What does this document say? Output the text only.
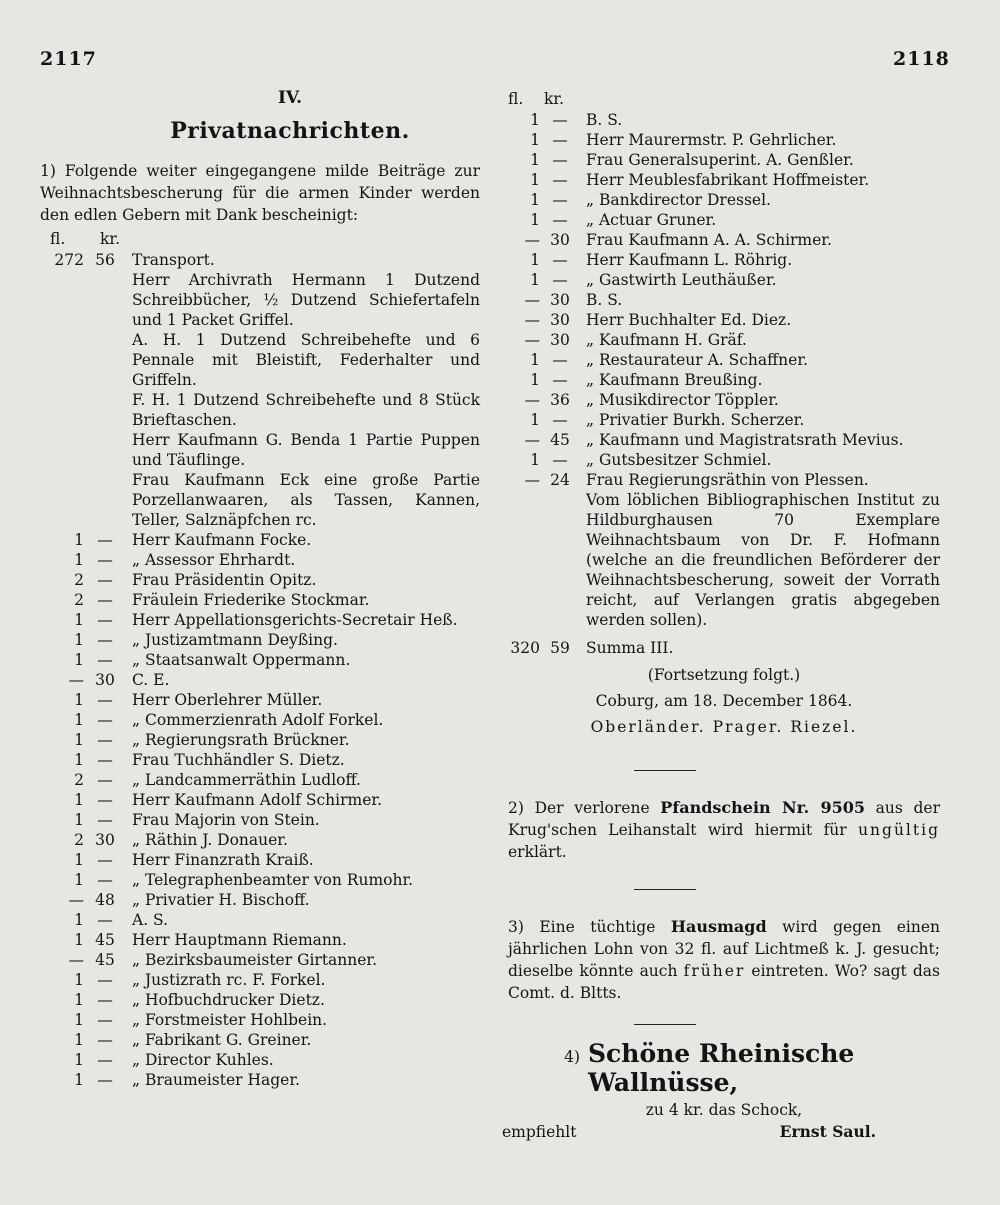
2117	2118
IV.
Privatnachrichten.
1) Folgende weiter eingegangene milde Beiträge zur Weihnachtsbescherung für die armen Kinder werden den edlen Gebern mit Dank bescheinigt:
fl.	kr.
272 56	Transport.
Herr Archivrath Hermann 1 Dutzend Schreibbücher, ½ Dutzend Schiefertafeln und 1 Packet Griffel.
A. H. 1 Dutzend Schreibehefte und 6 Pennale mit Bleistift, Federhalter und Griffeln.
F. H. 1 Dutzend Schreibehefte und 8 Stück Brieftaschen.
Herr Kaufmann G. Benda 1 Partie Puppen und Täuflinge.
Frau Kaufmann Eck eine große Partie Porzellanwaaren, als Tassen, Kannen, Teller, Salznäpfchen rc.
1 —	Herr Kaufmann Focke.
1 —	„ Assessor Ehrhardt.
2 —	Frau Präsidentin Opitz.
2 —	Fräulein Friederike Stockmar.
1 —	Herr Appellationsgerichts-Secretair Heß.
1 —	„ Justizamtmann Deyßing.
1 —	„ Staatsanwalt Oppermann.
— 30	C. E.
1 —	Herr Oberlehrer Müller.
1 —	„ Commerzienrath Adolf Forkel.
1 —	„ Regierungsrath Brückner.
1 —	Frau Tuchhändler S. Dietz.
2 —	„ Landcammerräthin Ludloff.
1 —	Herr Kaufmann Adolf Schirmer.
1 —	Frau Majorin von Stein.
2 30	„ Räthin J. Donauer.
1 —	Herr Finanzrath Kraiß.
1 —	„ Telegraphenbeamter von Rumohr.
— 48	„ Privatier H. Bischoff.
1 —	A. S.
1 45	Herr Hauptmann Riemann.
— 45	„ Bezirksbaumeister Girtanner.
1 —	„ Justizrath rc. F. Forkel.
1 —	„ Hofbuchdrucker Dietz.
1 —	„ Forstmeister Hohlbein.
1 —	„ Fabrikant G. Greiner.
1 —	„ Director Kuhles.
1 —	„ Braumeister Hager.
fl.	kr.
1 —	B. S.
1 —	Herr Maurermstr. P. Gehrlicher.
1 —	Frau Generalsuperint. A. Genßler.
1 —	Herr Meublesfabrikant Hoffmeister.
1 —	„ Bankdirector Dressel.
1 —	„ Actuar Gruner.
— 30	Frau Kaufmann A. A. Schirmer.
1 —	Herr Kaufmann L. Röhrig.
1 —	„ Gastwirth Leuthäußer.
— 30	B. S.
— 30	Herr Buchhalter Ed. Diez.
— 30	„ Kaufmann H. Gräf.
1 —	„ Restaurateur A. Schaffner.
1 —	„ Kaufmann Breußing.
— 36	„ Musikdirector Töppler.
1 —	„ Privatier Burkh. Scherzer.
— 45	„ Kaufmann und Magistratsrath Mevius.
1 —	„ Gutsbesitzer Schmiel.
— 24	Frau Regierungsräthin von Plessen.
Vom löblichen Bibliographischen Institut zu Hildburghausen 70 Exemplare Weihnachtsbaum von Dr. F. Hofmann (welche an die freundlichen Beförderer der Weihnachtsbescherung, soweit der Vorrath reicht, auf Verlangen gratis abgegeben werden sollen).
320 59	Summa III.
(Fortsetzung folgt.)
Coburg, am 18. December 1864.
Oberländer. Prager. Riezel.
2) Der verlorene Pfandschein Nr. 9505 aus der Krug'schen Leihanstalt wird hiermit für ungültig erklärt.
3) Eine tüchtige Hausmagd wird gegen einen jährlichen Lohn von 32 fl. auf Lichtmeß k. J. gesucht; dieselbe könnte auch früher eintreten. Wo? sagt das Comt. d. Bltts.
4) Schöne Rheinische Wallnüsse,
zu 4 kr. das Schock,
empfiehlt	Ernst Saul.
